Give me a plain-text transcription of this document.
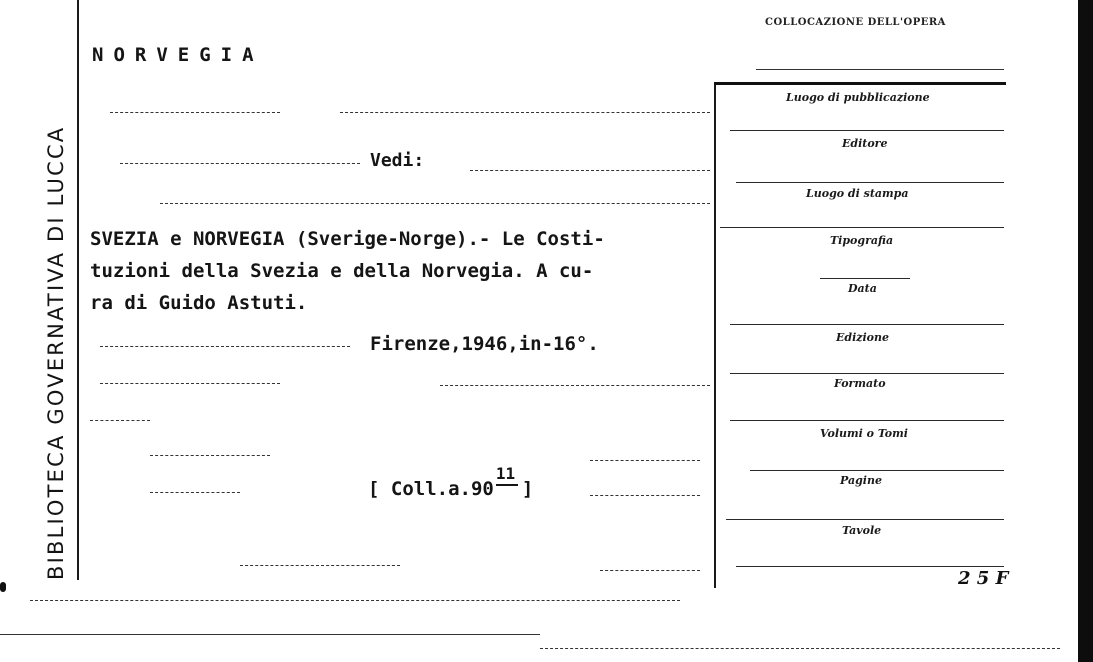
BIBLIOTECA GOVERNATIVA DI LUCCA
NORVEGIA
Vedi:
SVEZIA e NORVEGIA (Sverige-Norge).- Le Costi-
tuzioni della Svezia e della Norvegia. A cu-
ra di Guido Astuti.
Firenze,1946,in-16°.
[ Coll.a.90
11
]
COLLOCAZIONE DELL'OPERA
Luogo di pubblicazione
Editore
Luogo di stampa
Tipografia
Data
Edizione
Formato
Volumi o Tomi
Pagine
Tavole
2 5 F
